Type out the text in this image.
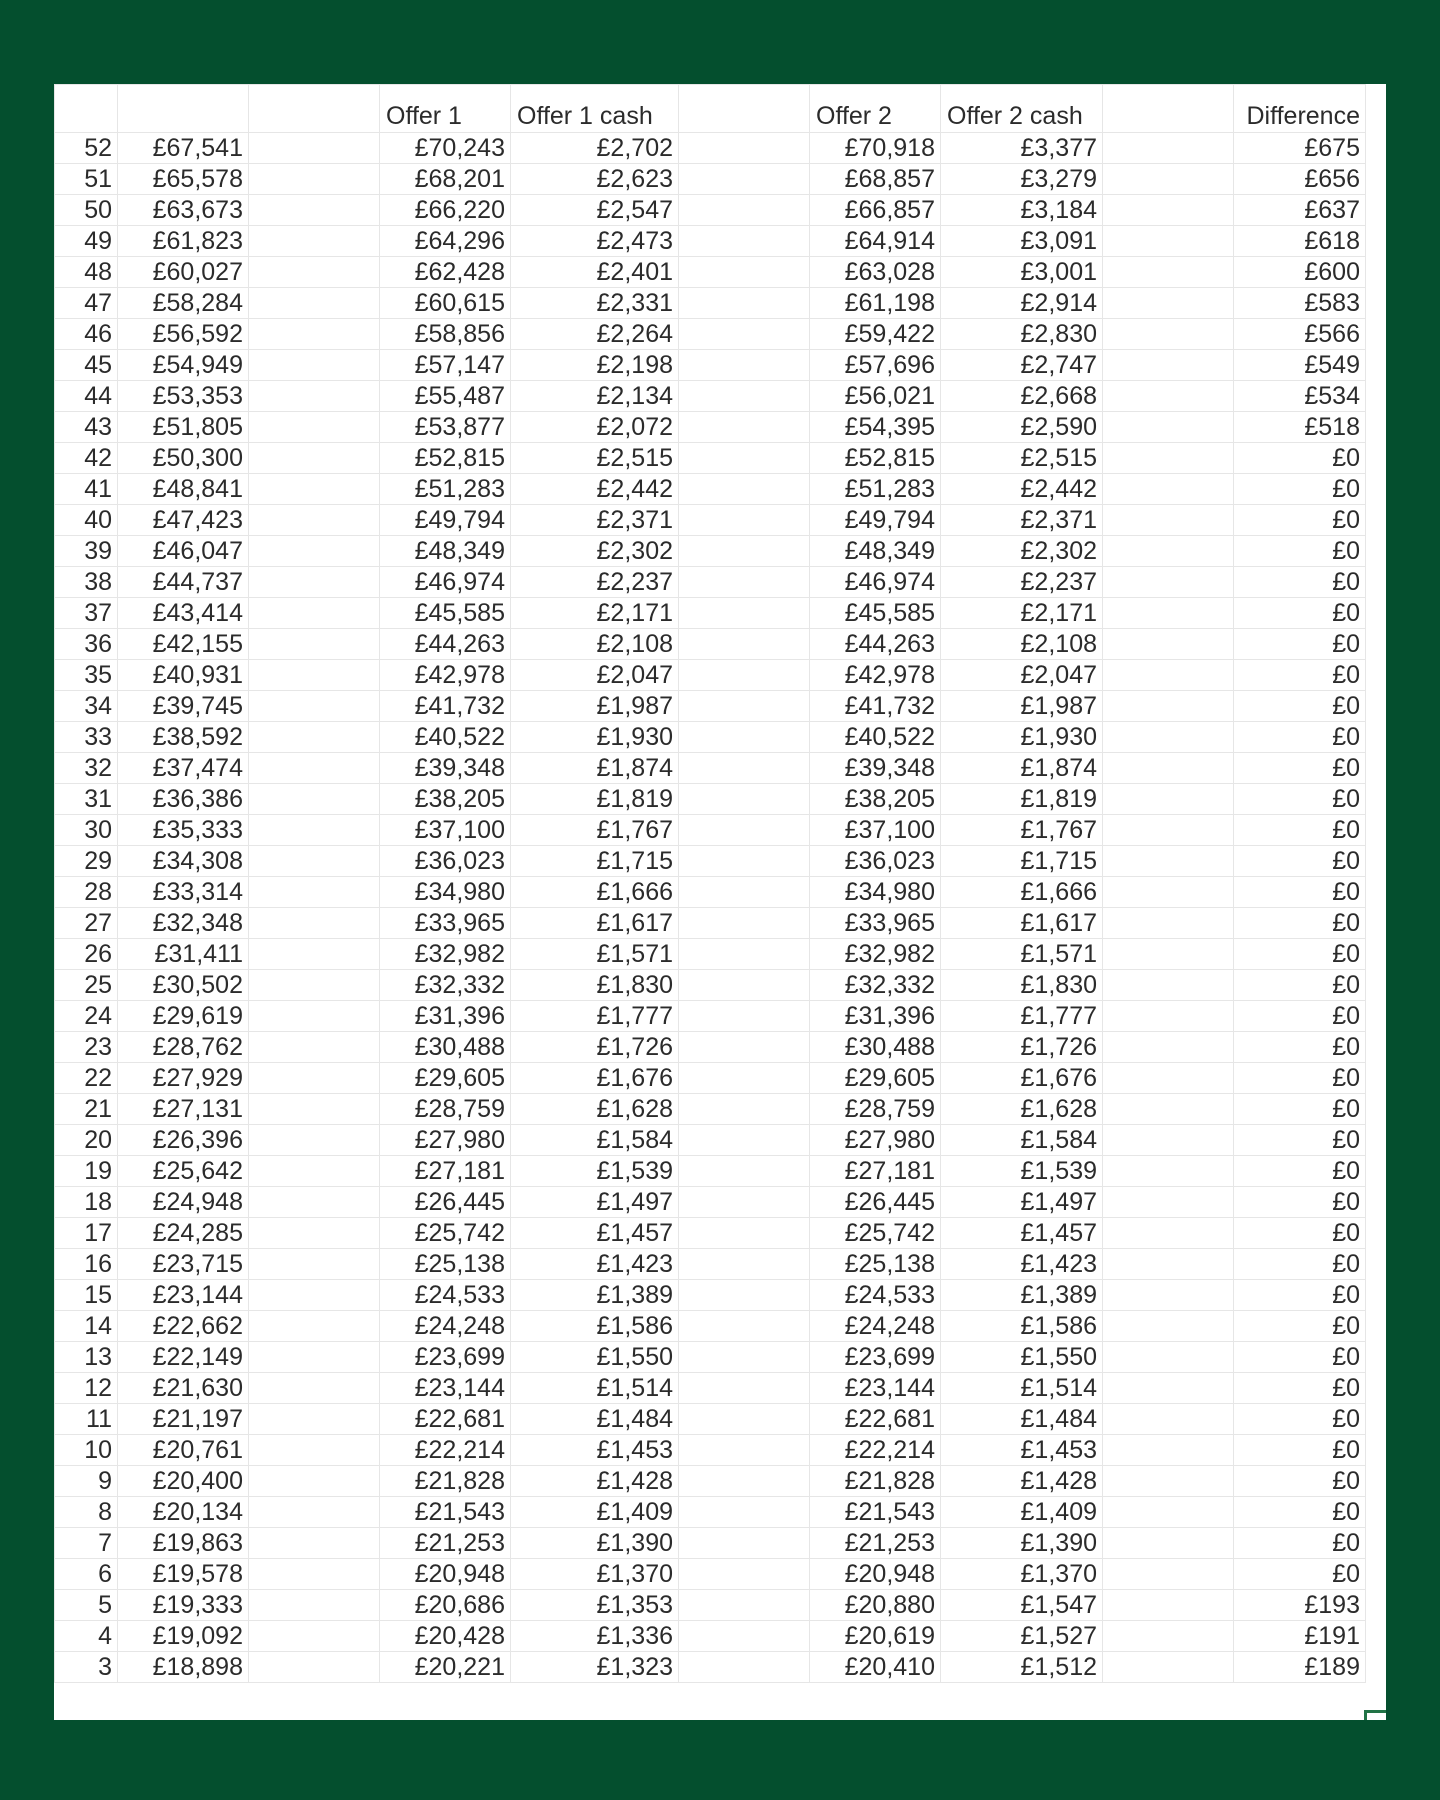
			Offer 1	Offer 1 cash		Offer 2	Offer 2 cash		Difference
52	£67,541		£70,243	£2,702		£70,918	£3,377		£675
51	£65,578		£68,201	£2,623		£68,857	£3,279		£656
50	£63,673		£66,220	£2,547		£66,857	£3,184		£637
49	£61,823		£64,296	£2,473		£64,914	£3,091		£618
48	£60,027		£62,428	£2,401		£63,028	£3,001		£600
47	£58,284		£60,615	£2,331		£61,198	£2,914		£583
46	£56,592		£58,856	£2,264		£59,422	£2,830		£566
45	£54,949		£57,147	£2,198		£57,696	£2,747		£549
44	£53,353		£55,487	£2,134		£56,021	£2,668		£534
43	£51,805		£53,877	£2,072		£54,395	£2,590		£518
42	£50,300		£52,815	£2,515		£52,815	£2,515		£0
41	£48,841		£51,283	£2,442		£51,283	£2,442		£0
40	£47,423		£49,794	£2,371		£49,794	£2,371		£0
39	£46,047		£48,349	£2,302		£48,349	£2,302		£0
38	£44,737		£46,974	£2,237		£46,974	£2,237		£0
37	£43,414		£45,585	£2,171		£45,585	£2,171		£0
36	£42,155		£44,263	£2,108		£44,263	£2,108		£0
35	£40,931		£42,978	£2,047		£42,978	£2,047		£0
34	£39,745		£41,732	£1,987		£41,732	£1,987		£0
33	£38,592		£40,522	£1,930		£40,522	£1,930		£0
32	£37,474		£39,348	£1,874		£39,348	£1,874		£0
31	£36,386		£38,205	£1,819		£38,205	£1,819		£0
30	£35,333		£37,100	£1,767		£37,100	£1,767		£0
29	£34,308		£36,023	£1,715		£36,023	£1,715		£0
28	£33,314		£34,980	£1,666		£34,980	£1,666		£0
27	£32,348		£33,965	£1,617		£33,965	£1,617		£0
26	£31,411		£32,982	£1,571		£32,982	£1,571		£0
25	£30,502		£32,332	£1,830		£32,332	£1,830		£0
24	£29,619		£31,396	£1,777		£31,396	£1,777		£0
23	£28,762		£30,488	£1,726		£30,488	£1,726		£0
22	£27,929		£29,605	£1,676		£29,605	£1,676		£0
21	£27,131		£28,759	£1,628		£28,759	£1,628		£0
20	£26,396		£27,980	£1,584		£27,980	£1,584		£0
19	£25,642		£27,181	£1,539		£27,181	£1,539		£0
18	£24,948		£26,445	£1,497		£26,445	£1,497		£0
17	£24,285		£25,742	£1,457		£25,742	£1,457		£0
16	£23,715		£25,138	£1,423		£25,138	£1,423		£0
15	£23,144		£24,533	£1,389		£24,533	£1,389		£0
14	£22,662		£24,248	£1,586		£24,248	£1,586		£0
13	£22,149		£23,699	£1,550		£23,699	£1,550		£0
12	£21,630		£23,144	£1,514		£23,144	£1,514		£0
11	£21,197		£22,681	£1,484		£22,681	£1,484		£0
10	£20,761		£22,214	£1,453		£22,214	£1,453		£0
9	£20,400		£21,828	£1,428		£21,828	£1,428		£0
8	£20,134		£21,543	£1,409		£21,543	£1,409		£0
7	£19,863		£21,253	£1,390		£21,253	£1,390		£0
6	£19,578		£20,948	£1,370		£20,948	£1,370		£0
5	£19,333		£20,686	£1,353		£20,880	£1,547		£193
4	£19,092		£20,428	£1,336		£20,619	£1,527		£191
3	£18,898		£20,221	£1,323		£20,410	£1,512		£189
